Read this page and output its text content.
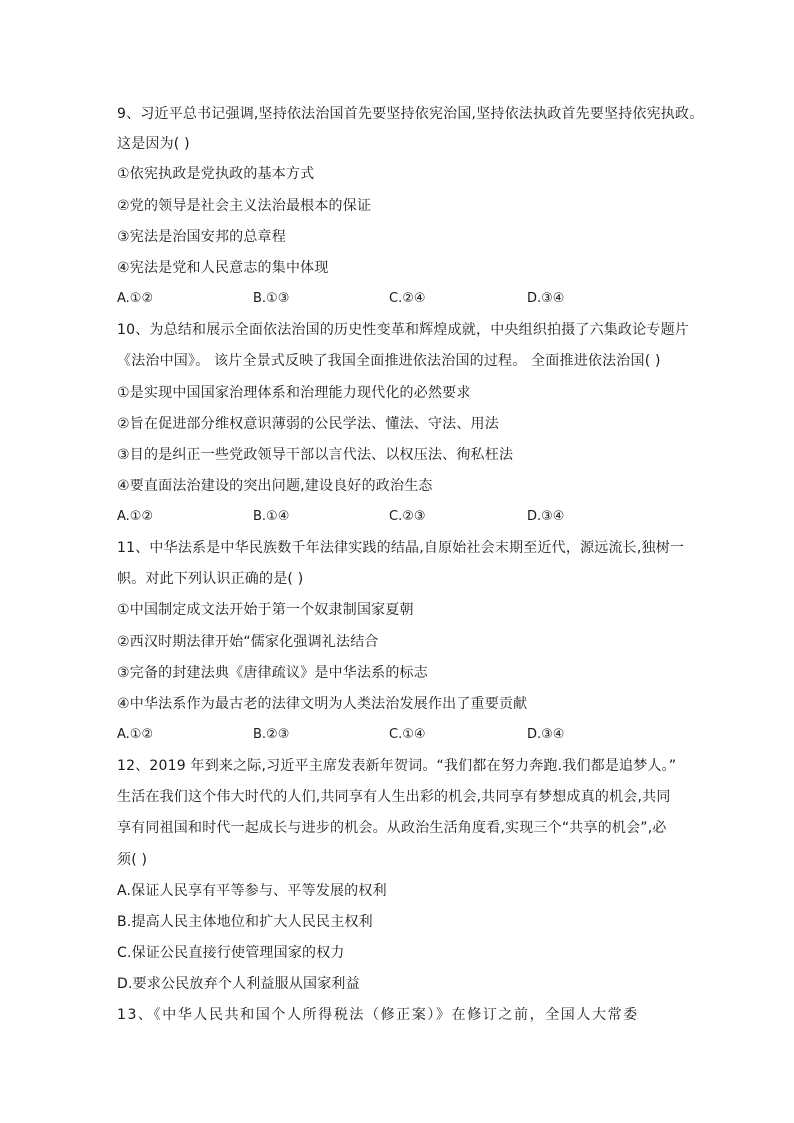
9、习近平总书记强调,坚持依法治国首先要坚持依宪治国,坚持依法执政首先要坚持依宪执政。
这是因为( )
①依宪执政是党执政的基本方式
②党的领导是社会主义法治最根本的保证
③宪法是治国安邦的总章程
④宪法是党和人民意志的集中体现
A.①②	B.①③	C.②④	D.③④
10、为总结和展示全面依法治国的历史性变革和辉煌成就，中央组织拍摄了六集政论专题片
《法治中国》。 该片全景式反映了我国全面推进依法治国的过程。 全面推进依法治国( )
①是实现中国国家治理体系和治理能力现代化的必然要求
②旨在促进部分维权意识薄弱的公民学法、懂法、守法、用法
③目的是纠正一些党政领导干部以言代法、以权压法、徇私枉法
④要直面法治建设的突出问题,建设良好的政治生态
A.①②	B.①④	C.②③	D.③④
11、中华法系是中华民族数千年法律实践的结晶,自原始社会末期至近代，源远流长,独树一
帜。对此下列认识正确的是( )
①中国制定成文法开始于第一个奴隶制国家夏朝
②西汉时期法律开始“儒家化强调礼法结合
③完备的封建法典《唐律疏议》是中华法系的标志
④中华法系作为最古老的法律文明为人类法治发展作出了重要贡献
A.①②	B.②③	C.①④	D.③④
12、2019 年到来之际,习近平主席发表新年贺词。“我们都在努力奔跑.我们都是追梦人。”
生活在我们这个伟大时代的人们,共同享有人生出彩的机会,共同享有梦想成真的机会,共同
享有同祖国和时代一起成长与进步的机会。从政治生活角度看,实现三个“共享的机会”,必
须( )
A.保证人民享有平等参与、平等发展的权利
B.提高人民主体地位和扩大人民民主权利
C.保证公民直接行使管理国家的权力
D.要求公民放弃个人利益服从国家利益
13、《中华人民共和国个人所得税法（修正案）》在修订之前，全国人大常委
